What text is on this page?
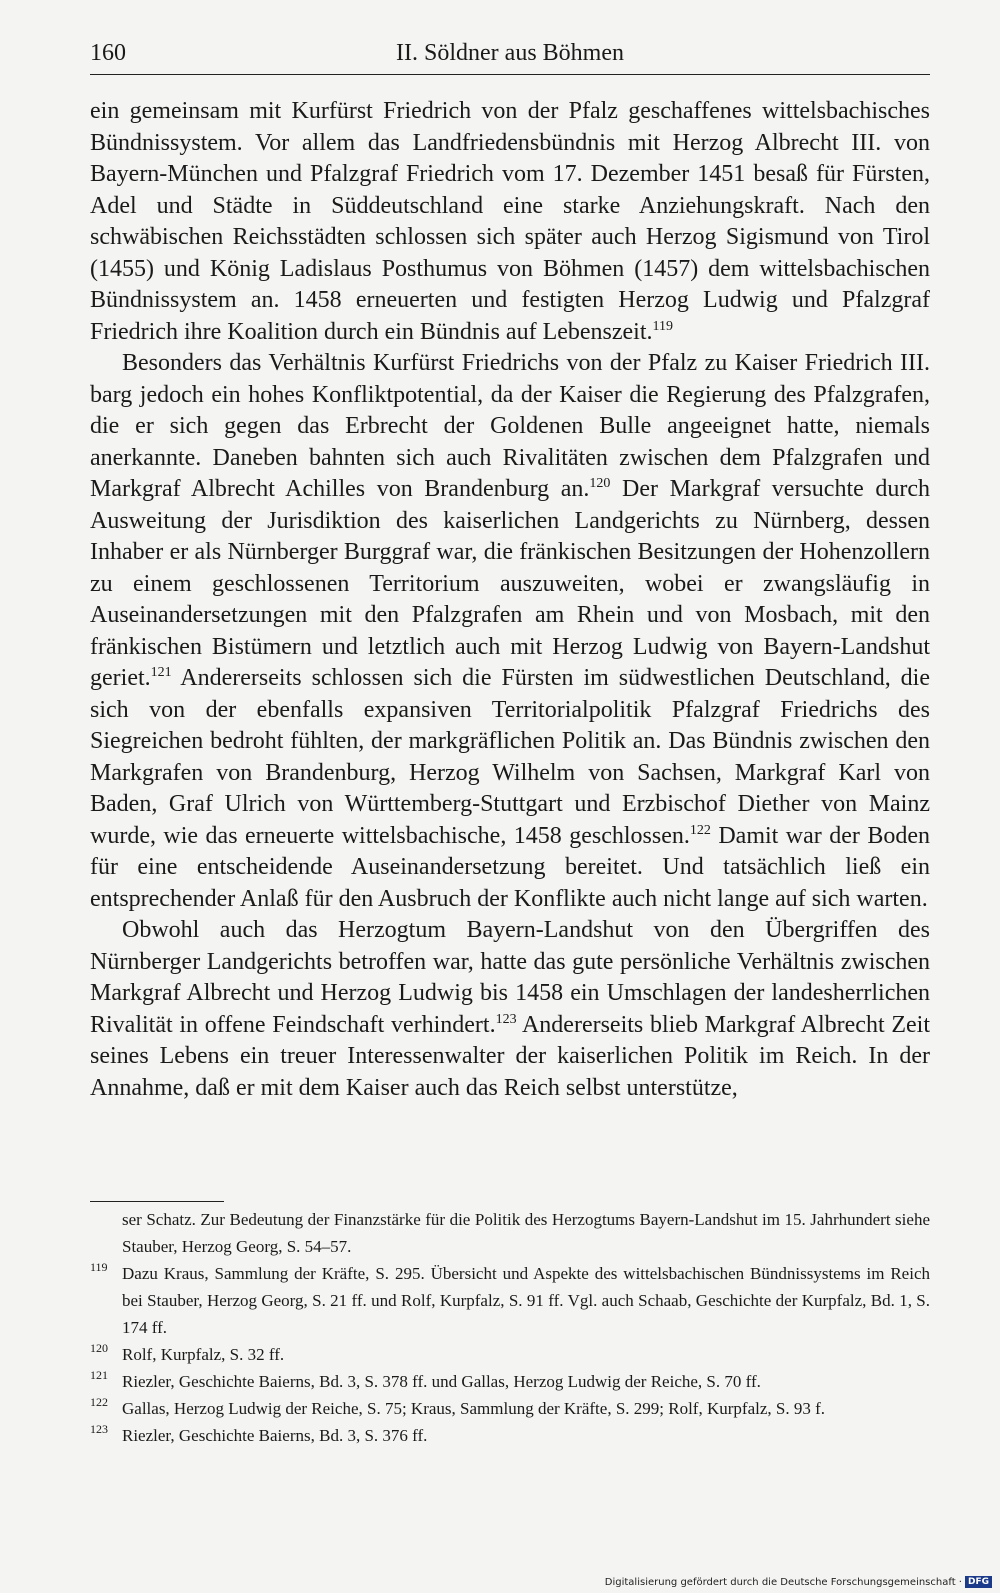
160	II. Söldner aus Böhmen

ein gemeinsam mit Kurfürst Friedrich von der Pfalz geschaffenes wittelsbachisches Bündnissystem. Vor allem das Landfriedensbündnis mit Herzog Albrecht III. von Bayern-München und Pfalzgraf Friedrich vom 17. Dezember 1451 besaß für Fürsten, Adel und Städte in Süddeutschland eine starke Anziehungskraft. Nach den schwäbischen Reichsstädten schlossen sich später auch Herzog Sigismund von Tirol (1455) und König Ladislaus Posthumus von Böhmen (1457) dem wittelsbachischen Bündnissystem an. 1458 erneuerten und festigten Herzog Ludwig und Pfalzgraf Friedrich ihre Koalition durch ein Bündnis auf Lebenszeit.$^{119}$

Besonders das Verhältnis Kurfürst Friedrichs von der Pfalz zu Kaiser Friedrich III. barg jedoch ein hohes Konfliktpotential, da der Kaiser die Regierung des Pfalzgrafen, die er sich gegen das Erbrecht der Goldenen Bulle angeeignet hatte, niemals anerkannte. Daneben bahnten sich auch Rivalitäten zwischen dem Pfalzgrafen und Markgraf Albrecht Achilles von Brandenburg an.$^{120}$ Der Markgraf versuchte durch Ausweitung der Jurisdiktion des kaiserlichen Landgerichts zu Nürnberg, dessen Inhaber er als Nürnberger Burggraf war, die fränkischen Besitzungen der Hohenzollern zu einem geschlossenen Territorium auszuweiten, wobei er zwangsläufig in Auseinandersetzungen mit den Pfalzgrafen am Rhein und von Mosbach, mit den fränkischen Bistümern und letztlich auch mit Herzog Ludwig von Bayern-Landshut geriet.$^{121}$ Andererseits schlossen sich die Fürsten im südwestlichen Deutschland, die sich von der ebenfalls expansiven Territorialpolitik Pfalzgraf Friedrichs des Siegreichen bedroht fühlten, der markgräflichen Politik an. Das Bündnis zwischen den Markgrafen von Brandenburg, Herzog Wilhelm von Sachsen, Markgraf Karl von Baden, Graf Ulrich von Württemberg-Stuttgart und Erzbischof Diether von Mainz wurde, wie das erneuerte wittelsbachische, 1458 geschlossen.$^{122}$ Damit war der Boden für eine entscheidende Auseinandersetzung bereitet. Und tatsächlich ließ ein entsprechender Anlaß für den Ausbruch der Konflikte auch nicht lange auf sich warten.

Obwohl auch das Herzogtum Bayern-Landshut von den Übergriffen des Nürnberger Landgerichts betroffen war, hatte das gute persönliche Verhältnis zwischen Markgraf Albrecht und Herzog Ludwig bis 1458 ein Umschlagen der landesherrlichen Rivalität in offene Feindschaft verhindert.$^{123}$ Andererseits blieb Markgraf Albrecht Zeit seines Lebens ein treuer Interessenwalter der kaiserlichen Politik im Reich. In der Annahme, daß er mit dem Kaiser auch das Reich selbst unterstütze,

ser Schatz. Zur Bedeutung der Finanzstärke für die Politik des Herzogtums Bayern-Landshut im 15. Jahrhundert siehe Stauber, Herzog Georg, S. 54–57.

119 Dazu Kraus, Sammlung der Kräfte, S. 295. Übersicht und Aspekte des wittelsbachischen Bündnissystems im Reich bei Stauber, Herzog Georg, S. 21 ff. und Rolf, Kurpfalz, S. 91 ff. Vgl. auch Schaab, Geschichte der Kurpfalz, Bd. 1, S. 174 ff.

120 Rolf, Kurpfalz, S. 32 ff.

121 Riezler, Geschichte Baierns, Bd. 3, S. 378 ff. und Gallas, Herzog Ludwig der Reiche, S. 70 ff.

122 Gallas, Herzog Ludwig der Reiche, S. 75; Kraus, Sammlung der Kräfte, S. 299; Rolf, Kurpfalz, S. 93 f.

123 Riezler, Geschichte Baierns, Bd. 3, S. 376 ff.

Digitalisierung gefördert durch die Deutsche Forschungsgemeinschaft · DFG
